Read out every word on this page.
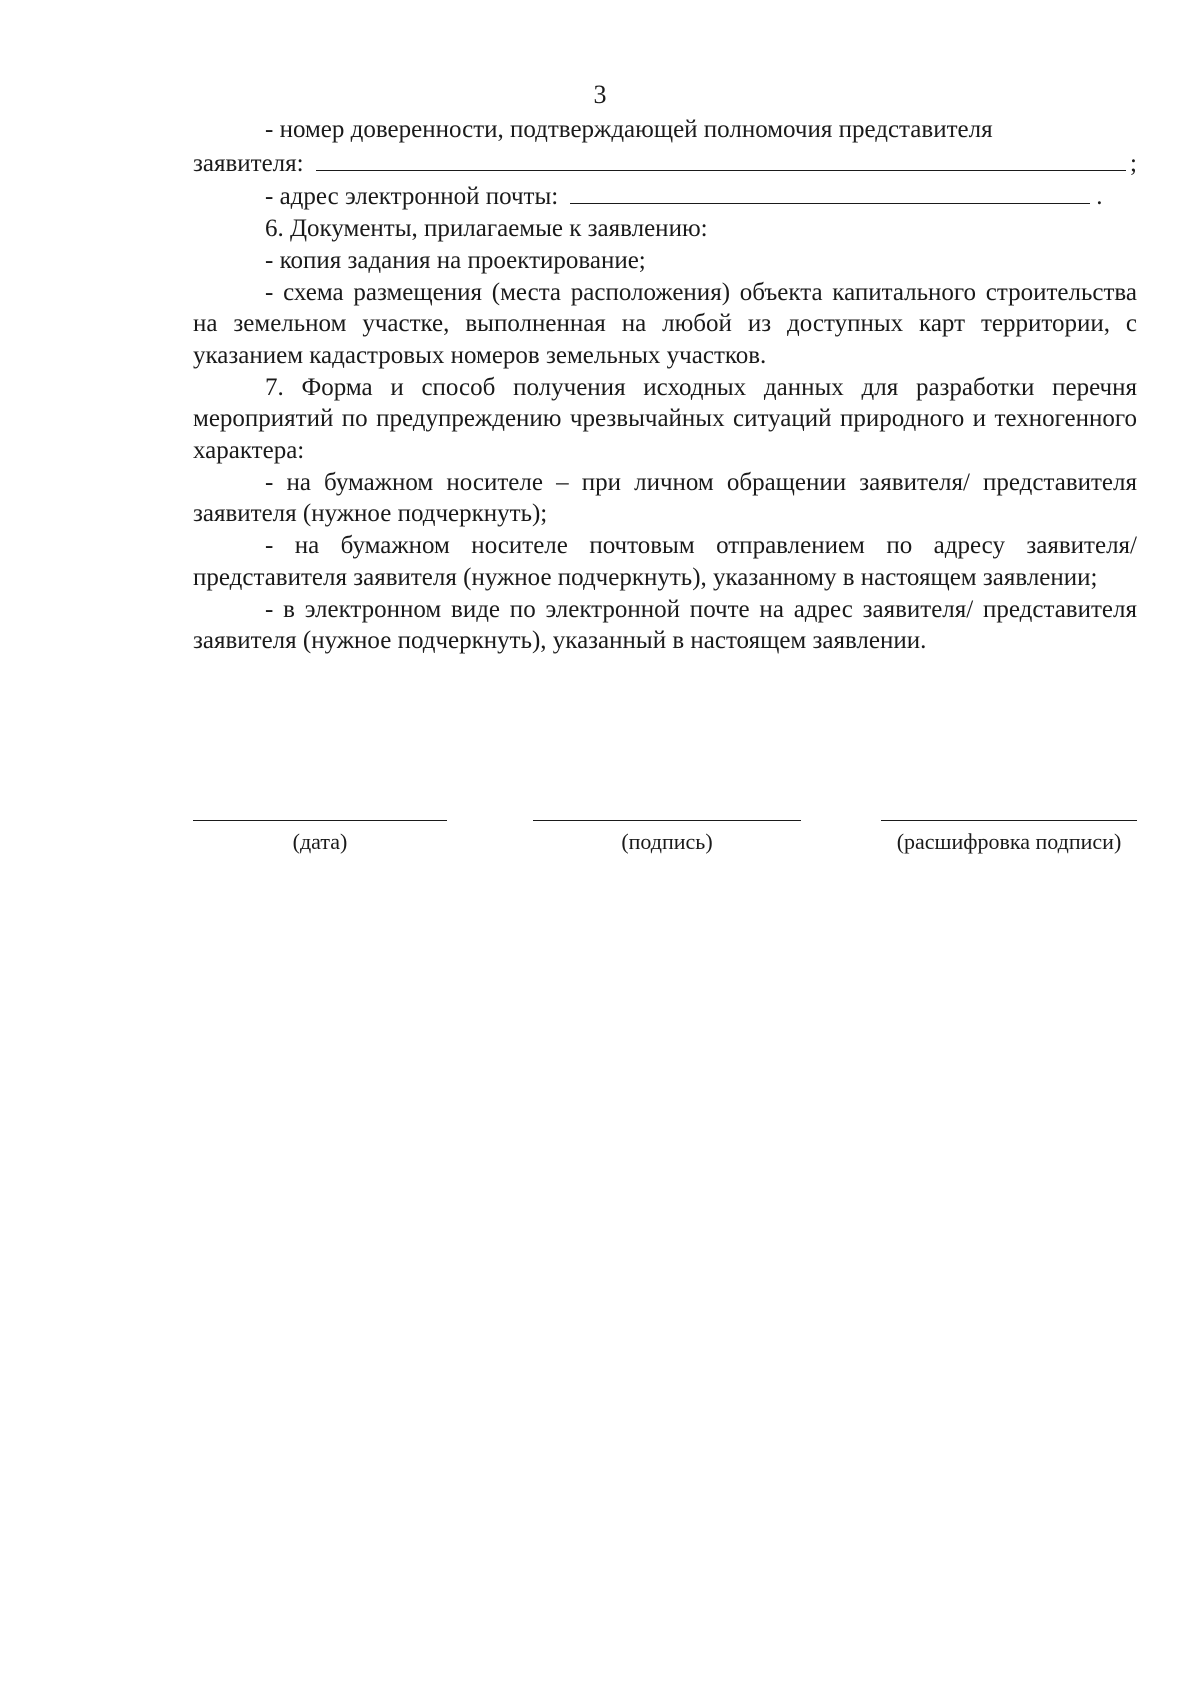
3

- номер доверенности, подтверждающей полномочия представителя

заявителя:	;
- адрес электронной почты:	.

6. Документы, прилагаемые к заявлению:

- копия задания на проектирование;

- схема размещения (места расположения) объекта капитального строительства на земельном участке, выполненная на любой из доступных карт территории, с указанием кадастровых номеров земельных участков.

7. Форма и способ получения исходных данных для разработки перечня мероприятий по предупреждению чрезвычайных ситуаций природного и техногенного характера:

- на бумажном носителе – при личном обращении заявителя/ представителя заявителя (нужное подчеркнуть);

- на бумажном носителе почтовым отправлением по адресу заявителя/ представителя заявителя (нужное подчеркнуть), указанному в настоящем заявлении;

- в электронном виде по электронной почте на адрес заявителя/ представителя заявителя (нужное подчеркнуть), указанный в настоящем заявлении.

(дата)	(подпись)	(расшифровка подписи)
